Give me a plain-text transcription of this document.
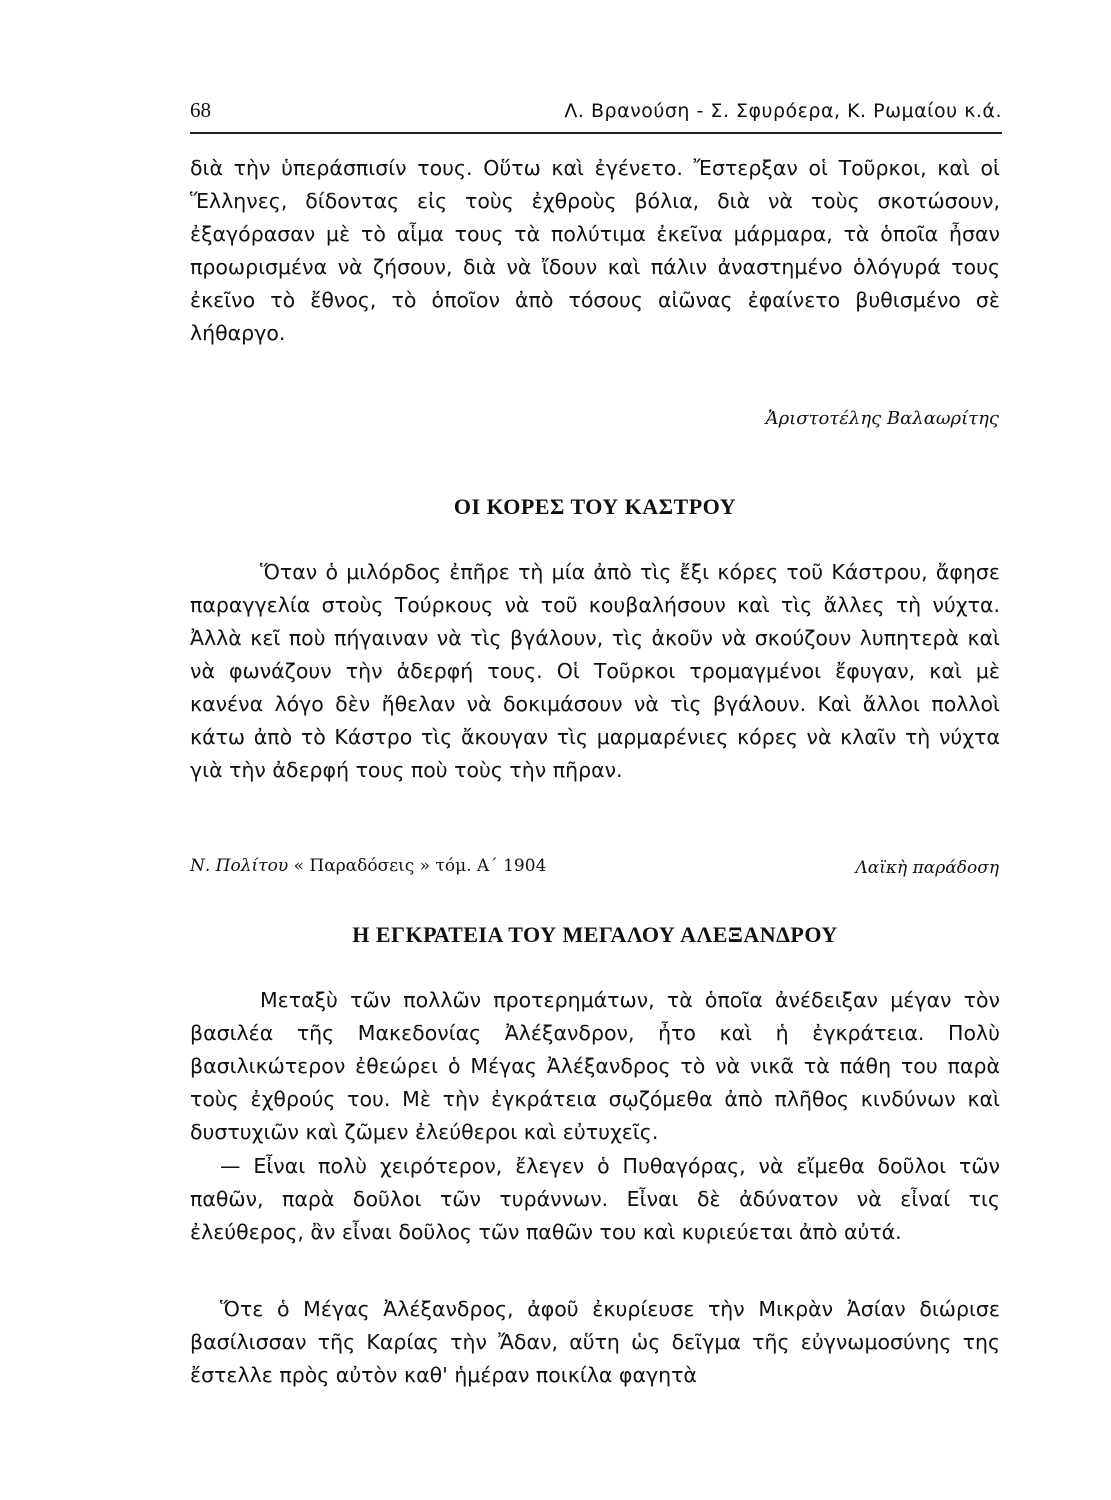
68	Λ. Βρανούση - Σ. Σφυρόερα, Κ. Ρωμαίου κ.ά.

διὰ τὴν ὑπεράσπισίν τους. Οὕτω καὶ ἐγένετο. Ἔστερξαν οἱ Τοῦρκοι, καὶ οἱ Ἕλληνες, δίδοντας εἰς τοὺς ἐχθροὺς βόλια, διὰ νὰ τοὺς σκοτώσουν, ἐξαγόρασαν μὲ τὸ αἷμα τους τὰ πολύτιμα ἐκεῖνα μάρμαρα, τὰ ὁποῖα ἦσαν προωρισμένα νὰ ζήσουν, διὰ νὰ ἴδουν καὶ πάλιν ἀναστημένο ὁλόγυρά τους ἐκεῖνο τὸ ἔθνος, τὸ ὁποῖον ἀπὸ τόσους αἰῶνας ἐφαίνετο βυθισμένο σὲ λήθαργο.

Ἀριστοτέλης Βαλαωρίτης
ΟΙ ΚΟΡΕΣ ΤΟΥ ΚΑΣΤΡΟΥ

Ὅταν ὁ μιλόρδος ἐπῆρε τὴ μία ἀπὸ τὶς ἔξι κόρες τοῦ Κάστρου, ἄφησε παραγγελία στοὺς Τούρκους νὰ τοῦ κουβαλήσουν καὶ τὶς ἄλλες τὴ νύχτα. Ἀλλὰ κεῖ ποὺ πήγαιναν νὰ τὶς βγάλουν, τὶς ἀκοῦν νὰ σκούζουν λυπητερὰ καὶ νὰ φωνάζουν τὴν ἀδερφή τους. Οἱ Τοῦρκοι τρομαγμένοι ἔφυγαν, καὶ μὲ κανένα λόγο δὲν ἤθελαν νὰ δοκιμάσουν νὰ τὶς βγάλουν. Καὶ ἄλλοι πολλοὶ κάτω ἀπὸ τὸ Κάστρο τὶς ἄκουγαν τὶς μαρμαρένιες κόρες νὰ κλαῖν τὴ νύχτα γιὰ τὴν ἀδερφή τους ποὺ τοὺς τὴν πῆραν.

Ν. Πολίτου « Παραδόσεις » τόμ. Α΄ 1904	Λαϊκὴ παράδοση
Η ΕΓΚΡΑΤΕΙΑ ΤΟΥ ΜΕΓΑΛΟΥ ΑΛΕΞΑΝΔΡΟΥ

Μεταξὺ τῶν πολλῶν προτερημάτων, τὰ ὁποῖα ἀνέδειξαν μέγαν τὸν βασιλέα τῆς Μακεδονίας Ἀλέξανδρον, ἦτο καὶ ἡ ἐγκράτεια. Πολὺ βασιλικώτερον ἐθεώρει ὁ Μέγας Ἀλέξανδρος τὸ νὰ νικᾶ τὰ πάθη του παρὰ τοὺς ἐχθρούς του. Μὲ τὴν ἐγκράτεια σῳζόμεθα ἀπὸ πλῆθος κινδύνων καὶ δυστυχιῶν καὶ ζῶμεν ἐλεύθεροι καὶ εὐτυχεῖς.

— Εἶναι πολὺ χειρότερον, ἔλεγεν ὁ Πυθαγόρας, νὰ εἴμεθα δοῦλοι τῶν παθῶν, παρὰ δοῦλοι τῶν τυράννων. Εἶναι δὲ ἀδύνατον νὰ εἶναί τις ἐλεύθερος, ἂν εἶναι δοῦλος τῶν παθῶν του καὶ κυριεύεται ἀπὸ αὐτά.

Ὅτε ὁ Μέγας Ἀλέξανδρος, ἀφοῦ ἐκυρίευσε τὴν Μικρὰν Ἀσίαν διώρισε βασίλισσαν τῆς Καρίας τὴν Ἄδαν, αὕτη ὡς δεῖγμα τῆς εὐγνωμοσύνης της ἔστελλε πρὸς αὐτὸν καθ' ἡμέραν ποικίλα φαγητὰ
